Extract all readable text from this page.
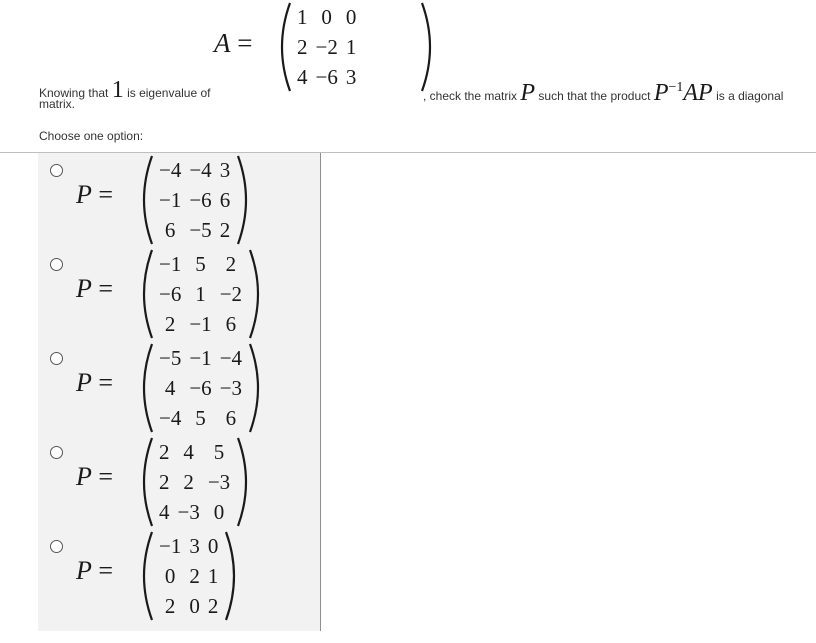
A =
1	0	0
2	−2	1
4	−6	3
Knowing that 1 is eigenvalue of	, check the matrix P such that the product $P^{-1}AP$ is a diagonal
matrix.
Choose one option:
P =
−4	−4	3
−1	−6	6
6	−5	2
P =
−1	5	2
−6	1	−2
2	−1	6
P =
−5	−1	−4
4	−6	−3
−4	5	6
P =
2	4	5
2	2	−3
4	−3	0
P =
−1	3	0
0	2	1
2	0	2
